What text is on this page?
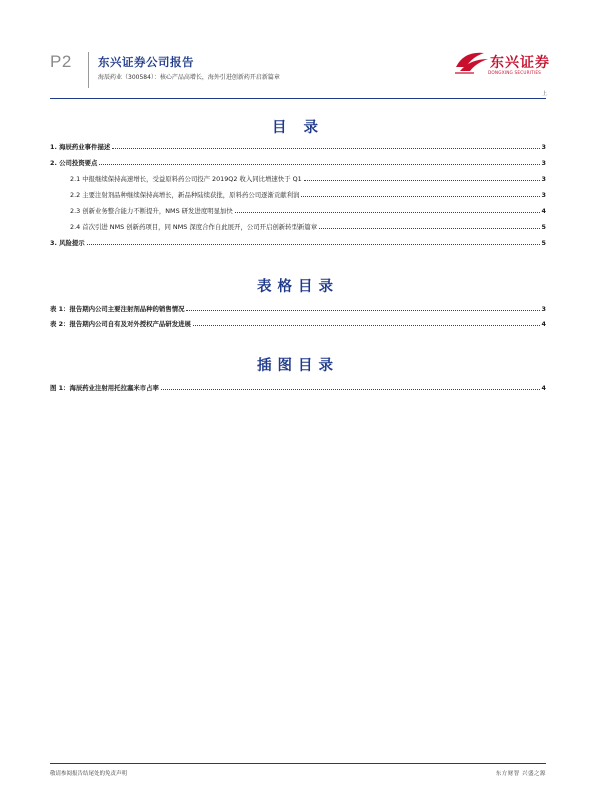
P2 东兴证券公司报告
海辰药业（300584）：核心产品高增长，海外引进创新药开启新篇章
东兴证券
DONGXING SECURITIES
上
目 录
1. 海辰药业事件描述	3
2. 公司投资要点	3
2.1 中报继续保持高速增长，受益原料药公司投产 2019Q2 收入同比增速快于 Q1	3
2.2 主要注射剂品种继续保持高增长，新品种陆续获批，原料药公司逐渐贡献利润	3
2.3 创新业务整合能力不断提升，NMS 研发进度明显加快	4
2.4 首次引进 NMS 创新药项目，同 NMS 深度合作自此展开，公司开启创新转型新篇章	5
3. 风险提示	5
表格目录
表 1：报告期内公司主要注射剂品种的销售情况	3
表 2：报告期内公司自有及对外授权产品研发进展	4
插图目录
图 1：海辰药业注射用托拉塞米市占率	4
敬请参阅报告结尾处的免责声明	东方财智 兴盛之源
